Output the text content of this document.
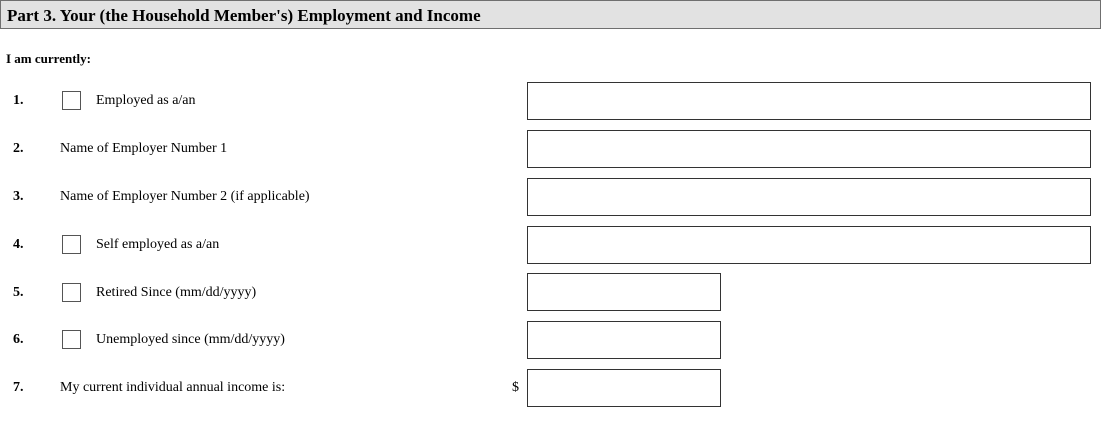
Part 3. Your (the Household Member's) Employment and Income
I am currently:
1.	Employed as a/an
2.	Name of Employer Number 1
3.	Name of Employer Number 2 (if applicable)
4.	Self employed as a/an
5.	Retired Since (mm/dd/yyyy)
6.	Unemployed since (mm/dd/yyyy)
7.	My current individual annual income is:	$
